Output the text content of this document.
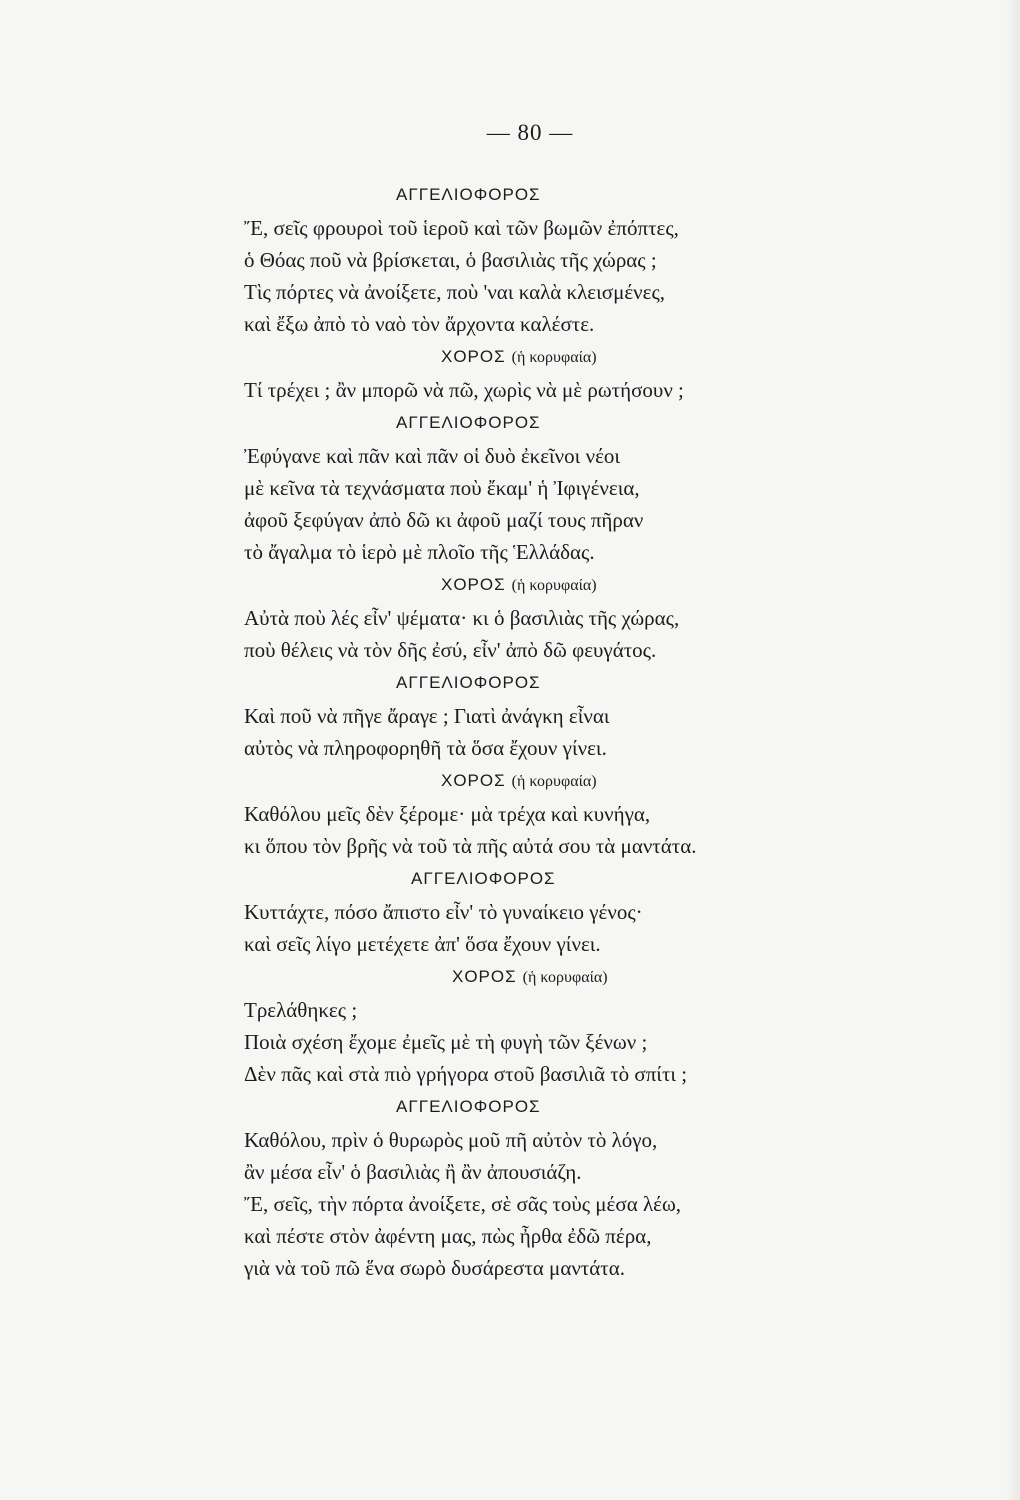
— 80 —
ΑΓΓΕΛΙΟΦΟΡΟΣ
Ἔ, σεῖς φρουροὶ τοῦ ἱεροῦ καὶ τῶν βωμῶν ἐπόπτες,
ὁ Θόας ποῦ νὰ βρίσκεται, ὁ βασιλιὰς τῆς χώρας ;
Τὶς πόρτες νὰ ἀνοίξετε, ποὺ 'ναι καλὰ κλεισμένες,
καὶ ἔξω ἀπὸ τὸ ναὸ τὸν ἄρχοντα καλέστε.
ΧΟΡΟΣ (ἡ κορυφαία)
Τί τρέχει ; ἂν μπορῶ νὰ πῶ, χωρὶς νὰ μὲ ρωτήσουν ;
ΑΓΓΕΛΙΟΦΟΡΟΣ
Ἐφύγανε καὶ πᾶν καὶ πᾶν οἱ δυὸ ἐκεῖνοι νέοι
μὲ κεῖνα τὰ τεχνάσματα ποὺ ἔκαμ' ἡ Ἰφιγένεια,
ἀφοῦ ξεφύγαν ἀπὸ δῶ κι ἀφοῦ μαζί τους πῆραν
τὸ ἄγαλμα τὸ ἱερὸ μὲ πλοῖο τῆς Ἑλλάδας.
ΧΟΡΟΣ (ἡ κορυφαία)
Αὐτὰ ποὺ λές εἶν' ψέματα· κι ὁ βασιλιὰς τῆς χώρας,
ποὺ θέλεις νὰ τὸν δῆς ἐσύ, εἶν' ἀπὸ δῶ φευγάτος.
ΑΓΓΕΛΙΟΦΟΡΟΣ
Καὶ ποῦ νὰ πῆγε ἄραγε ; Γιατὶ ἀνάγκη εἶναι
αὐτὸς νὰ πληροφορηθῆ τὰ ὅσα ἔχουν γίνει.
ΧΟΡΟΣ (ἡ κορυφαία)
Καθόλου μεῖς δὲν ξέρομε· μὰ τρέχα καὶ κυνήγα,
κι ὅπου τὸν βρῆς νὰ τοῦ τὰ πῆς αὐτά σου τὰ μαντάτα.
ΑΓΓΕΛΙΟΦΟΡΟΣ
Κυττάχτε, πόσο ἄπιστο εἶν' τὸ γυναίκειο γένος·
καὶ σεῖς λίγο μετέχετε ἀπ' ὅσα ἔχουν γίνει.
ΧΟΡΟΣ (ἡ κορυφαία)
Τρελάθηκες ;
Ποιὰ σχέση ἔχομε ἐμεῖς μὲ τὴ φυγὴ τῶν ξένων ;
Δὲν πᾶς καὶ στὰ πιὸ γρήγορα στοῦ βασιλιᾶ τὸ σπίτι ;
ΑΓΓΕΛΙΟΦΟΡΟΣ
Καθόλου, πρὶν ὁ θυρωρὸς μοῦ πῆ αὐτὸν τὸ λόγο,
ἂν μέσα εἶν' ὁ βασιλιὰς ἢ ἂν ἀπουσιάζη.
Ἔ, σεῖς, τὴν πόρτα ἀνοίξετε, σὲ σᾶς τοὺς μέσα λέω,
καὶ πέστε στὸν ἀφέντη μας, πὼς ἦρθα ἐδῶ πέρα,
γιὰ νὰ τοῦ πῶ ἕνα σωρὸ δυσάρεστα μαντάτα.
